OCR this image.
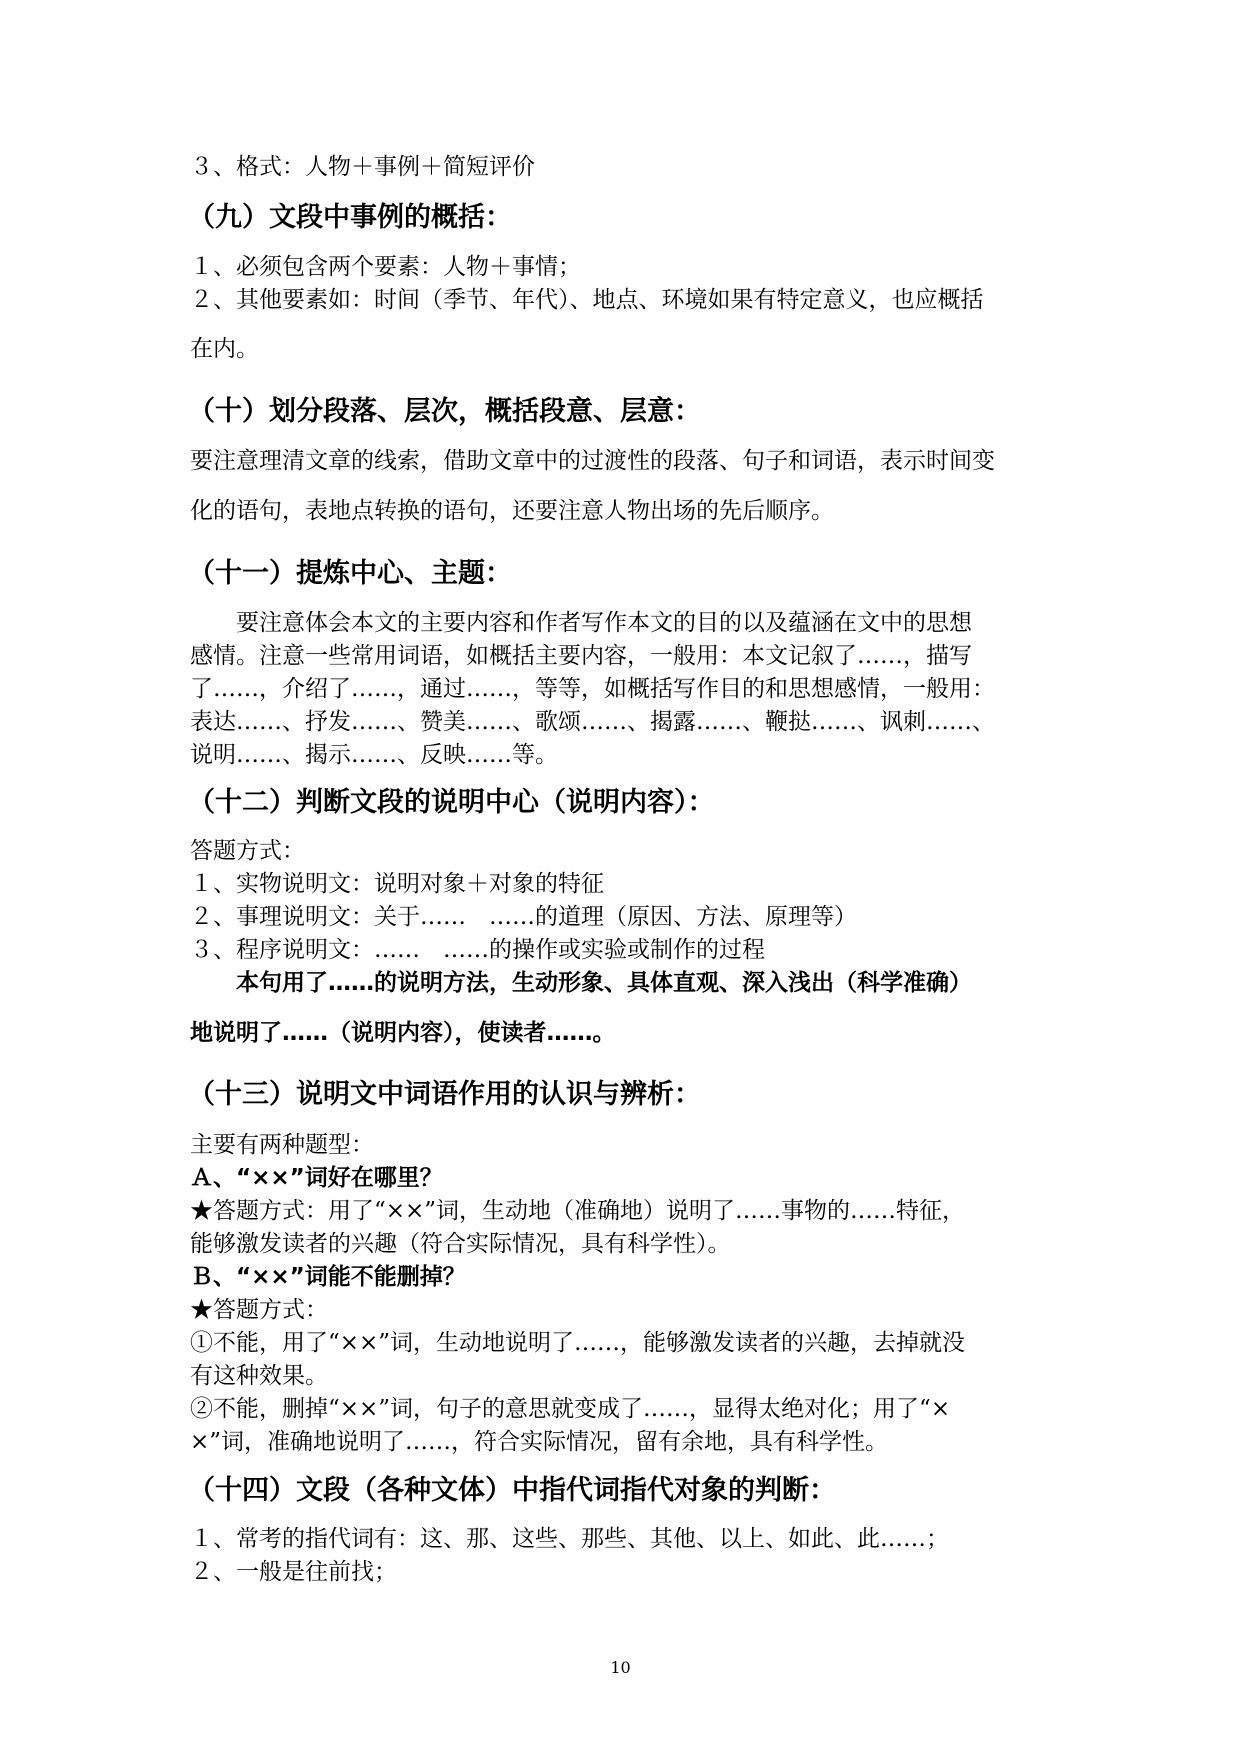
３、格式：人物＋事例＋简短评价
（九）文段中事例的概括：
１、必须包含两个要素：人物＋事情；
２、其他要素如：时间（季节、年代）、地点、环境如果有特定意义，也应概括
在内。
（十）划分段落、层次，概括段意、层意：
要注意理清文章的线索，借助文章中的过渡性的段落、句子和词语，表示时间变
化的语句，表地点转换的语句，还要注意人物出场的先后顺序。
（十一）提炼中心、主题：
要注意体会本文的主要内容和作者写作本文的目的以及蕴涵在文中的思想
感情。注意一些常用词语，如概括主要内容，一般用：本文记叙了……，描写
了……，介绍了……，通过……，等等，如概括写作目的和思想感情，一般用：
表达……、抒发……、赞美……、歌颂……、揭露……、鞭挞……、讽刺……、
说明……、揭示……、反映……等。
（十二）判断文段的说明中心（说明内容）：
答题方式：
１、实物说明文：说明对象＋对象的特征
２、事理说明文：关于……　……的道理（原因、方法、原理等）
３、程序说明文：……　……的操作或实验或制作的过程
本句用了……的说明方法，生动形象、具体直观、深入浅出（科学准确）
地说明了……（说明内容），使读者……。
（十三）说明文中词语作用的认识与辨析：
主要有两种题型：
Ａ、“××”词好在哪里？
★答题方式：用了“××”词，生动地（准确地）说明了……事物的……特征，
能够激发读者的兴趣（符合实际情况，具有科学性）。
Ｂ、“××”词能不能删掉？
★答题方式：
①不能，用了“××”词，生动地说明了……，能够激发读者的兴趣，去掉就没
有这种效果。
②不能，删掉“××”词，句子的意思就变成了……，显得太绝对化；用了“×
×”词，准确地说明了……，符合实际情况，留有余地，具有科学性。
（十四）文段（各种文体）中指代词指代对象的判断：
１、常考的指代词有：这、那、这些、那些、其他、以上、如此、此……；
２、一般是往前找；
10
